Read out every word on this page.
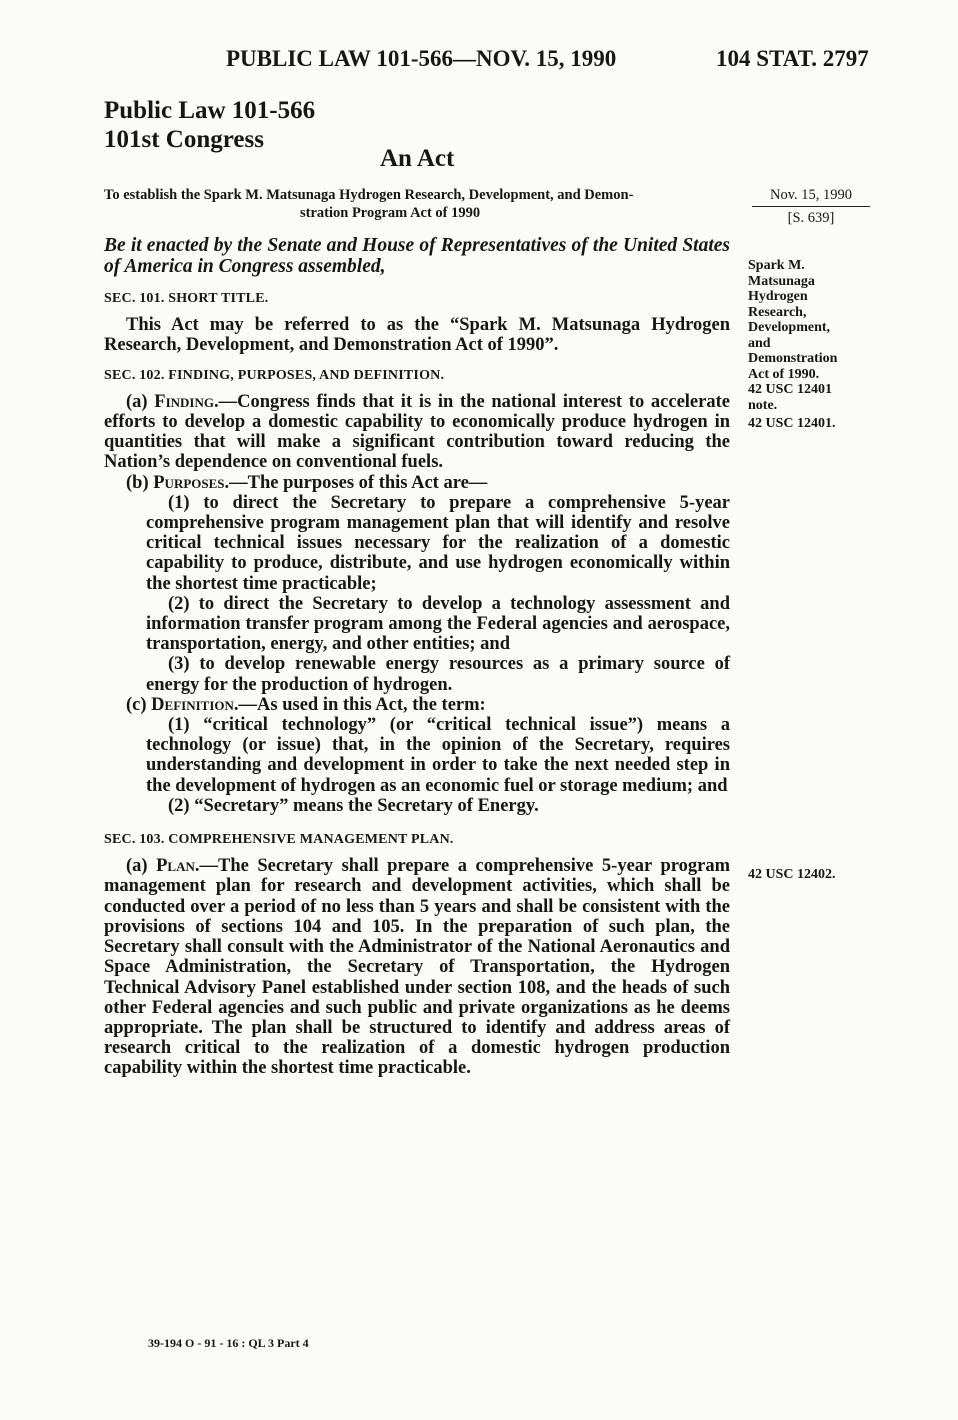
PUBLIC LAW 101-566—NOV. 15, 1990	104 STAT. 2797
Public Law 101-566
101st Congress
An Act
To establish the Spark M. Matsunaga Hydrogen Research, Development, and Demon-
stration Program Act of 1990
Nov. 15, 1990
[S. 639]
Spark M.
Matsunaga
Hydrogen
Research,
Development,
and
Demonstration
Act of 1990.
42 USC 12401
note.
42 USC 12401.
42 USC 12402.

Be it enacted by the Senate and House of Representatives of the United States of America in Congress assembled,

SEC. 101. SHORT TITLE.

This Act may be referred to as the “Spark M. Matsunaga Hydrogen Research, Development, and Demonstration Act of 1990”.

SEC. 102. FINDING, PURPOSES, AND DEFINITION.

(a) Finding.—Congress finds that it is in the national interest to accelerate efforts to develop a domestic capability to economically produce hydrogen in quantities that will make a significant contribution toward reducing the Nation’s dependence on conventional fuels.

(b) Purposes.—The purposes of this Act are—

(1) to direct the Secretary to prepare a comprehensive 5-year comprehensive program management plan that will identify and resolve critical technical issues necessary for the realization of a domestic capability to produce, distribute, and use hydrogen economically within the shortest time practicable;

(2) to direct the Secretary to develop a technology assessment and information transfer program among the Federal agencies and aerospace, transportation, energy, and other entities; and

(3) to develop renewable energy resources as a primary source of energy for the production of hydrogen.

(c) Definition.—As used in this Act, the term:

(1) “critical technology” (or “critical technical issue”) means a technology (or issue) that, in the opinion of the Secretary, requires understanding and development in order to take the next needed step in the development of hydrogen as an economic fuel or storage medium; and

(2) “Secretary” means the Secretary of Energy.

SEC. 103. COMPREHENSIVE MANAGEMENT PLAN.

(a) Plan.—The Secretary shall prepare a comprehensive 5-year program management plan for research and development activities, which shall be conducted over a period of no less than 5 years and shall be consistent with the provisions of sections 104 and 105. In the preparation of such plan, the Secretary shall consult with the Administrator of the National Aeronautics and Space Administration, the Secretary of Transportation, the Hydrogen Technical Advisory Panel established under section 108, and the heads of such other Federal agencies and such public and private organizations as he deems appropriate. The plan shall be structured to identify and address areas of research critical to the realization of a domestic hydrogen production capability within the shortest time practicable.

39-194 O - 91 - 16 : QL 3 Part 4
